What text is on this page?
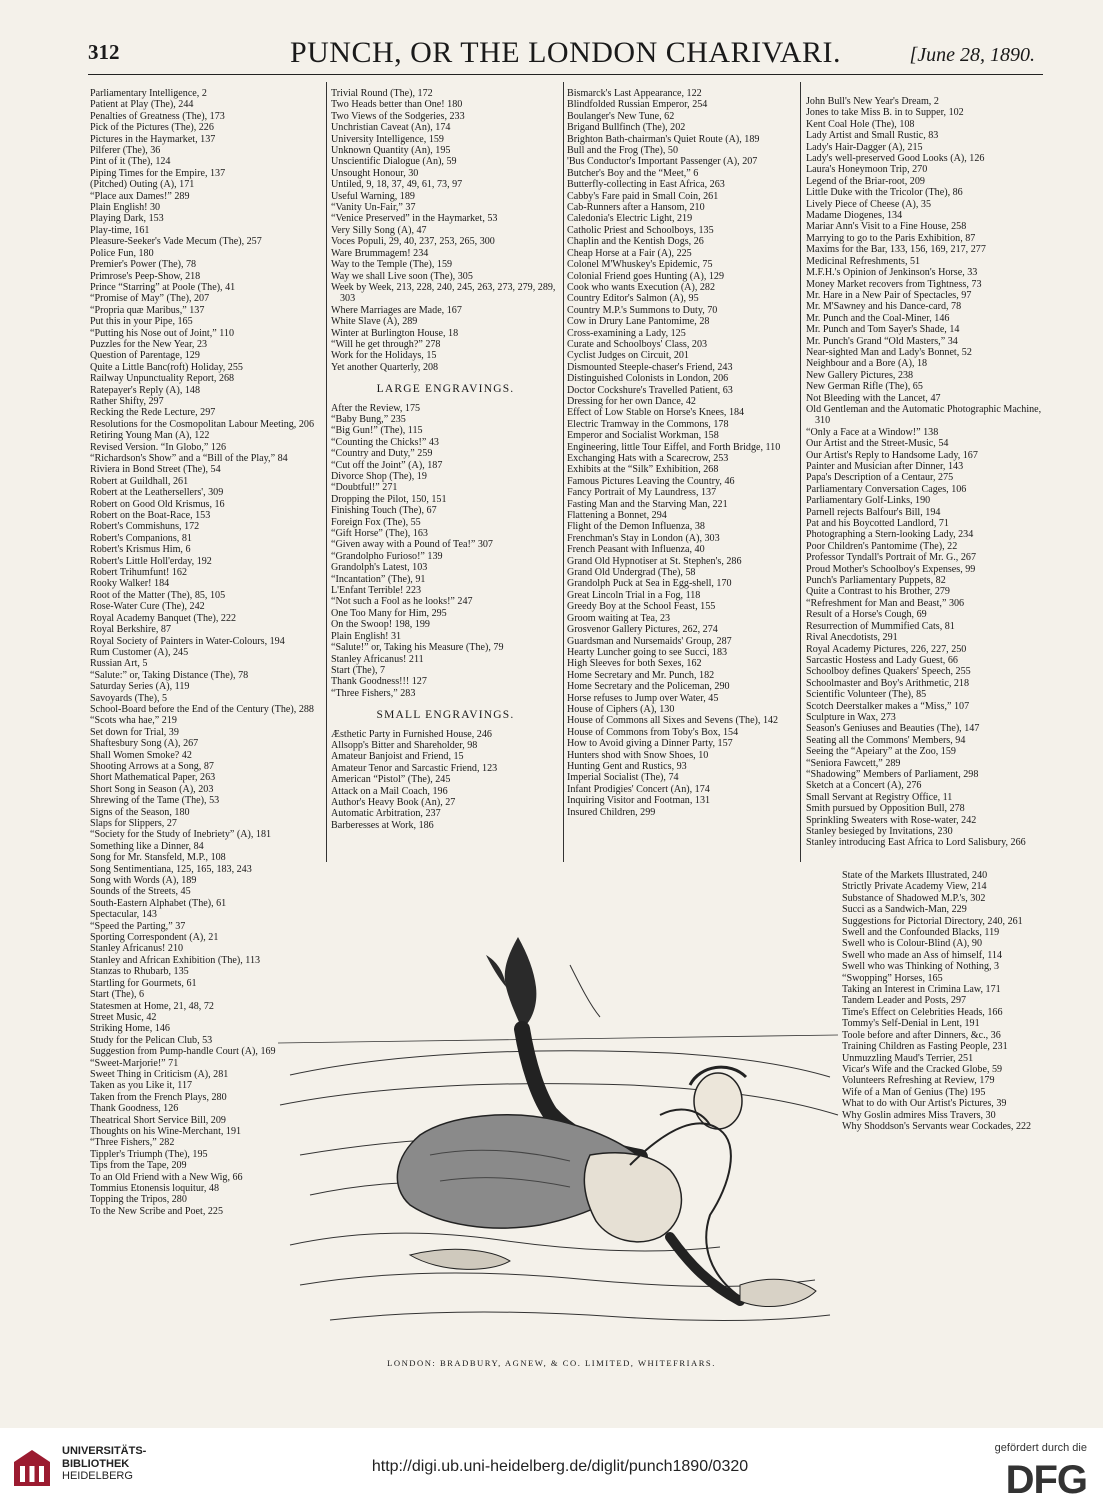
312	PUNCH, OR THE LONDON CHARIVARI.	[June 28, 1890.
Parliamentary Intelligence, 2
Patient at Play (The), 244
Penalties of Greatness (The), 173
Pick of the Pictures (The), 226
Pictures in the Haymarket, 137
Pilferer (The), 36
Pint of it (The), 124
Piping Times for the Empire, 137
(Pitched) Outing (A), 171
“Place aux Dames!” 289
Plain English! 30
Playing Dark, 153
Play-time, 161
Pleasure-Seeker's Vade Mecum (The), 257
Police Fun, 180
Premier's Power (The), 78
Primrose's Peep-Show, 218
Prince “Starring” at Poole (The), 41
“Promise of May” (The), 207
“Propria quæ Maribus,” 137
Put this in your Pipe, 165
“Putting his Nose out of Joint,” 110
Puzzles for the New Year, 23
Question of Parentage, 129
Quite a Little Banc(roft) Holiday, 255
Railway Unpunctuality Report, 268
Ratepayer's Reply (A), 148
Rather Shifty, 297
Recking the Rede Lecture, 297
Resolutions for the Cosmopolitan Labour Meeting, 206
Retiring Young Man (A), 122
Revised Version. “In Globo,” 126
“Richardson's Show” and a “Bill of the Play,” 84
Riviera in Bond Street (The), 54
Robert at Guildhall, 261
Robert at the Leathersellers', 309
Robert on Good Old Krismus, 16
Robert on the Boat-Race, 153
Robert's Commishuns, 172
Robert's Companions, 81
Robert's Krismus Him, 6
Robert's Little Holl'erday, 192
Robert Trihumfunt! 162
Rooky Walker! 184
Root of the Matter (The), 85, 105
Rose-Water Cure (The), 242
Royal Academy Banquet (The), 222
Royal Berkshire, 87
Royal Society of Painters in Water-Colours, 194
Rum Customer (A), 245
Russian Art, 5
“Salute:” or, Taking Distance (The), 78
Saturday Series (A), 119
Savoyards (The), 5
School-Board before the End of the Century (The), 288
“Scots wha hae,” 219
Set down for Trial, 39
Shaftesbury Song (A), 267
Shall Women Smoke? 42
Shooting Arrows at a Song, 87
Short Mathematical Paper, 263
Short Song in Season (A), 203
Shrewing of the Tame (The), 53
Signs of the Season, 180
Slaps for Slippers, 27
“Society for the Study of Inebriety” (A), 181
Something like a Dinner, 84
Song for Mr. Stansfeld, M.P., 108
Song Sentimentiana, 125, 165, 183, 243
Song with Words (A), 189
Sounds of the Streets, 45
South-Eastern Alphabet (The), 61
Spectacular, 143
“Speed the Parting,” 37
Sporting Correspondent (A), 21
Stanley Africanus! 210
Stanley and African Exhibition (The), 113
Stanzas to Rhubarb, 135
Startling for Gourmets, 61
Start (The), 6
Statesmen at Home, 21, 48, 72
Street Music, 42
Striking Home, 146
Study for the Pelican Club, 53
Suggestion from Pump-handle Court (A), 169
“Sweet-Marjorie!” 71
Sweet Thing in Criticism (A), 281
Taken as you Like it, 117
Taken from the French Plays, 280
Thank Goodness, 126
Theatrical Short Service Bill, 209
Thoughts on his Wine-Merchant, 191
“Three Fishers,” 282
Tippler's Triumph (The), 195
Tips from the Tape, 209
To an Old Friend with a New Wig, 66
Tommius Etonensis loquitur, 48
Topping the Tripos, 280
To the New Scribe and Poet, 225
Trivial Round (The), 172
Two Heads better than One! 180
Two Views of the Sodgeries, 233
Unchristian Caveat (An), 174
University Intelligence, 159
Unknown Quantity (An), 195
Unscientific Dialogue (An), 59
Unsought Honour, 30
Untiled, 9, 18, 37, 49, 61, 73, 97
Useful Warning, 189
“Vanity Un-Fair,” 37
“Venice Preserved” in the Haymarket, 53
Very Silly Song (A), 47
Voces Populi, 29, 40, 237, 253, 265, 300
Ware Brummagem! 234
Way to the Temple (The), 159
Way we shall Live soon (The), 305
Week by Week, 213, 228, 240, 245, 263, 273, 279, 289, 303
Where Marriages are Made, 167
White Slave (A), 289
Winter at Burlington House, 18
“Will he get through?” 278
Work for the Holidays, 15
Yet another Quarterly, 208
LARGE ENGRAVINGS.
After the Review, 175
“Baby Bung,” 235
“Big Gun!” (The), 115
“Counting the Chicks!” 43
“Country and Duty,” 259
“Cut off the Joint” (A), 187
Divorce Shop (The), 19
“Doubtful!” 271
Dropping the Pilot, 150, 151
Finishing Touch (The), 67
Foreign Fox (The), 55
“Gift Horse” (The), 163
“Given away with a Pound of Tea!” 307
“Grandolpho Furioso!” 139
Grandolph's Latest, 103
“Incantation” (The), 91
L'Enfant Terrible! 223
“Not such a Fool as he looks!” 247
One Too Many for Him, 295
On the Swoop! 198, 199
Plain English! 31
“Salute!” or, Taking his Measure (The), 79
Stanley Africanus! 211
Start (The), 7
Thank Goodness!!! 127
“Three Fishers,” 283
SMALL ENGRAVINGS.
Æsthetic Party in Furnished House, 246
Allsopp's Bitter and Shareholder, 98
Amateur Banjoist and Friend, 15
Amateur Tenor and Sarcastic Friend, 123
American “Pistol” (The), 245
Attack on a Mail Coach, 196
Author's Heavy Book (An), 27
Automatic Arbitration, 237
Barberesses at Work, 186
Bismarck's Last Appearance, 122
Blindfolded Russian Emperor, 254
Boulanger's New Tune, 62
Brigand Bullfinch (The), 202
Brighton Bath-chairman's Quiet Route (A), 189
Bull and the Frog (The), 50
'Bus Conductor's Important Passenger (A), 207
Butcher's Boy and the “Meet,” 6
Butterfly-collecting in East Africa, 263
Cabby's Fare paid in Small Coin, 261
Cab-Runners after a Hansom, 210
Caledonia's Electric Light, 219
Catholic Priest and Schoolboys, 135
Chaplin and the Kentish Dogs, 26
Cheap Horse at a Fair (A), 225
Colonel M'Whuskey's Epidemic, 75
Colonial Friend goes Hunting (A), 129
Cook who wants Execution (A), 282
Country Editor's Salmon (A), 95
Country M.P.'s Summons to Duty, 70
Cow in Drury Lane Pantomime, 28
Cross-examining a Lady, 125
Curate and Schoolboys' Class, 203
Cyclist Judges on Circuit, 201
Dismounted Steeple-chaser's Friend, 243
Distinguished Colonists in London, 206
Doctor Cockshure's Travelled Patient, 63
Dressing for her own Dance, 42
Effect of Low Stable on Horse's Knees, 184
Electric Tramway in the Commons, 178
Emperor and Socialist Workman, 158
Engineering, little Tour Eiffel, and Forth Bridge, 110
Exchanging Hats with a Scarecrow, 253
Exhibits at the “Silk” Exhibition, 268
Famous Pictures Leaving the Country, 46
Fancy Portrait of My Laundress, 137
Fasting Man and the Starving Man, 221
Flattening a Bonnet, 294
Flight of the Demon Influenza, 38
Frenchman's Stay in London (A), 303
French Peasant with Influenza, 40
Grand Old Hypnotiser at St. Stephen's, 286
Grand Old Undergrad (The), 58
Grandolph Puck at Sea in Egg-shell, 170
Great Lincoln Trial in a Fog, 118
Greedy Boy at the School Feast, 155
Groom waiting at Tea, 23
Grosvenor Gallery Pictures, 262, 274
Guardsman and Nursemaids' Group, 287
Hearty Luncher going to see Succi, 183
High Sleeves for both Sexes, 162
Home Secretary and Mr. Punch, 182
Home Secretary and the Policeman, 290
Horse refuses to Jump over Water, 45
House of Ciphers (A), 130
House of Commons all Sixes and Sevens (The), 142
House of Commons from Toby's Box, 154
How to Avoid giving a Dinner Party, 157
Hunters shod with Snow Shoes, 10
Hunting Gent and Rustics, 93
Imperial Socialist (The), 74
Infant Prodigies' Concert (An), 174
Inquiring Visitor and Footman, 131
Insured Children, 299
John Bull's New Year's Dream, 2
Jones to take Miss B. in to Supper, 102
Kent Coal Hole (The), 108
Lady Artist and Small Rustic, 83
Lady's Hair-Dagger (A), 215
Lady's well-preserved Good Looks (A), 126
Laura's Honeymoon Trip, 270
Legend of the Briar-root, 209
Little Duke with the Tricolor (The), 86
Lively Piece of Cheese (A), 35
Madame Diogenes, 134
Mariar Ann's Visit to a Fine House, 258
Marrying to go to the Paris Exhibition, 87
Maxims for the Bar, 133, 156, 169, 217, 277
Medicinal Refreshments, 51
M.F.H.'s Opinion of Jenkinson's Horse, 33
Money Market recovers from Tightness, 73
Mr. Hare in a New Pair of Spectacles, 97
Mr. M'Sawney and his Dance-card, 78
Mr. Punch and the Coal-Miner, 146
Mr. Punch and Tom Sayer's Shade, 14
Mr. Punch's Grand “Old Masters,” 34
Near-sighted Man and Lady's Bonnet, 52
Neighbour and a Bore (A), 18
New Gallery Pictures, 238
New German Rifle (The), 65
Not Bleeding with the Lancet, 47
Old Gentleman and the Automatic Photographic Machine, 310
“Only a Face at a Window!” 138
Our Artist and the Street-Music, 54
Our Artist's Reply to Handsome Lady, 167
Painter and Musician after Dinner, 143
Papa's Description of a Centaur, 275
Parliamentary Conversation Cages, 106
Parliamentary Golf-Links, 190
Parnell rejects Balfour's Bill, 194
Pat and his Boycotted Landlord, 71
Photographing a Stern-looking Lady, 234
Poor Children's Pantomime (The), 22
Professor Tyndall's Portrait of Mr. G., 267
Proud Mother's Schoolboy's Expenses, 99
Punch's Parliamentary Puppets, 82
Quite a Contrast to his Brother, 279
“Refreshment for Man and Beast,” 306
Result of a Horse's Cough, 69
Resurrection of Mummified Cats, 81
Rival Anecdotists, 291
Royal Academy Pictures, 226, 227, 250
Sarcastic Hostess and Lady Guest, 66
Schoolboy defines Quakers' Speech, 255
Schoolmaster and Boy's Arithmetic, 218
Scientific Volunteer (The), 85
Scotch Deerstalker makes a “Miss,” 107
Sculpture in Wax, 273
Season's Geniuses and Beauties (The), 147
Seating all the Commons' Members, 94
Seeing the “Apeiary” at the Zoo, 159
“Seniora Fawcett,” 289
“Shadowing” Members of Parliament, 298
Sketch at a Concert (A), 276
Small Servant at Registry Office, 11
Smith pursued by Opposition Bull, 278
Sprinkling Sweaters with Rose-water, 242
Stanley besieged by Invitations, 230
Stanley introducing East Africa to Lord Salisbury, 266
State of the Markets Illustrated, 240
Strictly Private Academy View, 214
Substance of Shadowed M.P.'s, 302
Succi as a Sandwich-Man, 229
Suggestions for Pictorial Directory, 240, 261
Swell and the Confounded Blacks, 119
Swell who is Colour-Blind (A), 90
Swell who made an Ass of himself, 114
Swell who was Thinking of Nothing, 3
“Swopping” Horses, 165
Taking an Interest in Crimina Law, 171
Tandem Leader and Posts, 297
Time's Effect on Celebrities Heads, 166
Tommy's Self-Denial in Lent, 191
Toole before and after Dinners, &c., 36
Training Children as Fasting People, 231
Unmuzzling Maud's Terrier, 251
Vicar's Wife and the Cracked Globe, 59
Volunteers Refreshing at Review, 179
Wife of a Man of Genius (The) 195
What to do with Our Artist's Pictures, 39
Why Goslin admires Miss Travers, 30
Why Shoddson's Servants wear Cockades, 222
LONDON: BRADBURY, AGNEW, & CO. LIMITED, WHITEFRIARS.
UNIVERSITÄTS-
BIBLIOTHEK
HEIDELBERG
http://digi.ub.uni-heidelberg.de/diglit/punch1890/0320
gefördert durch die
DFG
